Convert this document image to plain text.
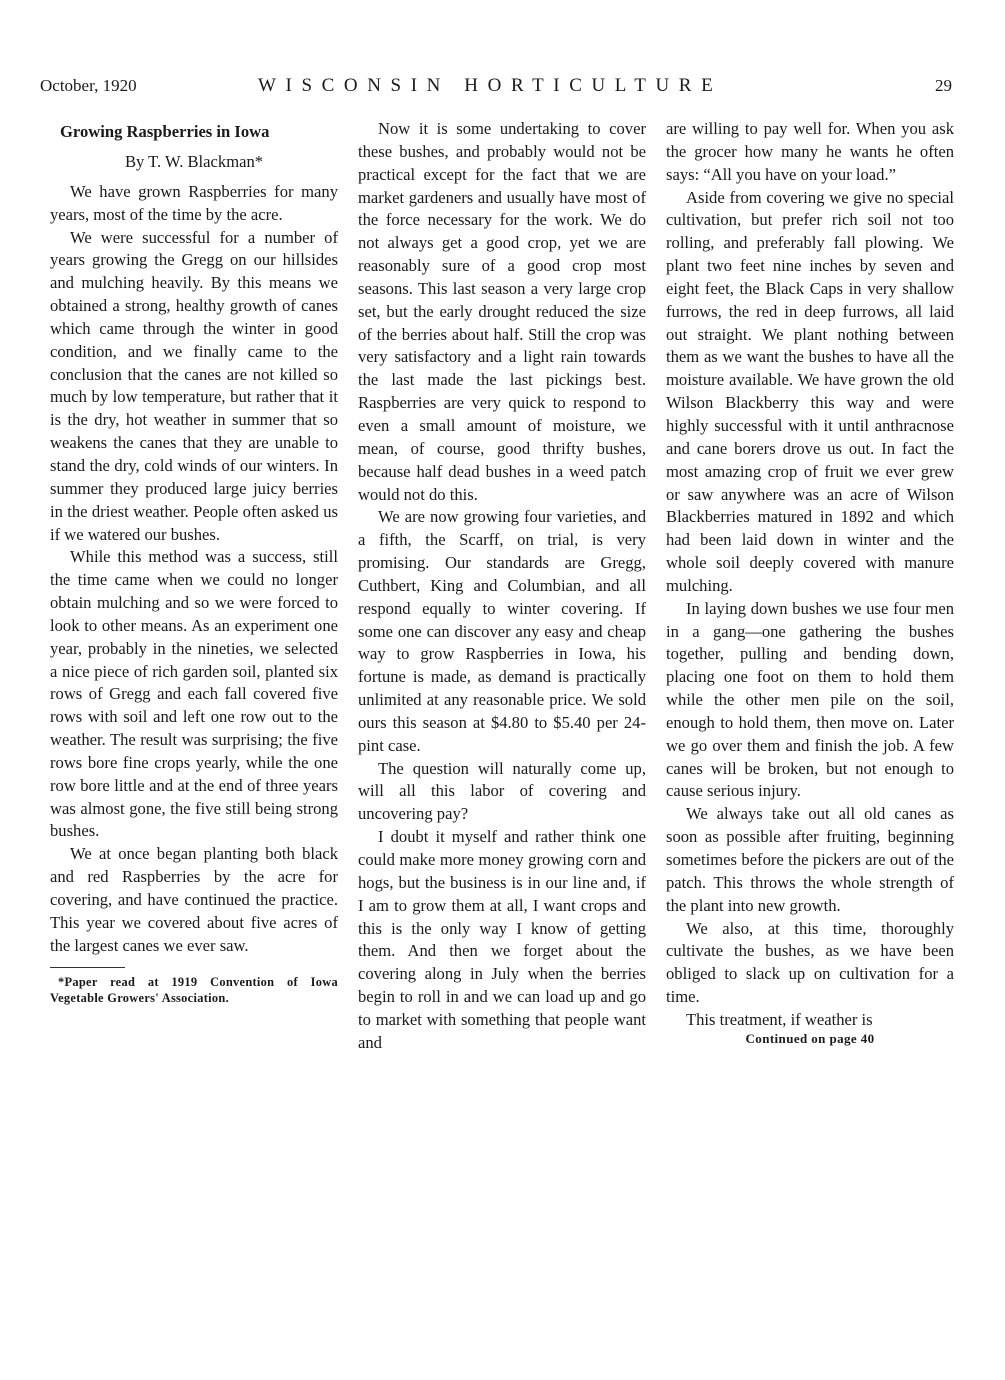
October, 1920	WISCONSIN HORTICULTURE	29

Growing Raspberries in Iowa

By T. W. Blackman*

We have grown Raspberries for many years, most of the time by the acre.

We were successful for a number of years growing the Gregg on our hillsides and mulching heavily. By this means we obtained a strong, healthy growth of canes which came through the winter in good condition, and we finally came to the conclusion that the canes are not killed so much by low temperature, but rather that it is the dry, hot weather in summer that so weakens the canes that they are unable to stand the dry, cold winds of our winters. In summer they produced large juicy berries in the driest weather. People often asked us if we watered our bushes.

While this method was a success, still the time came when we could no longer obtain mulching and so we were forced to look to other means. As an experiment one year, probably in the nineties, we selected a nice piece of rich garden soil, planted six rows of Gregg and each fall covered five rows with soil and left one row out to the weather. The result was surprising; the five rows bore fine crops yearly, while the one row bore little and at the end of three years was almost gone, the five still being strong bushes.

We at once began planting both black and red Raspberries by the acre for covering, and have continued the practice. This year we covered about five acres of the largest canes we ever saw.

*Paper read at 1919 Convention of Iowa Vegetable Growers' Association.

Now it is some undertaking to cover these bushes, and probably would not be practical except for the fact that we are market gardeners and usually have most of the force necessary for the work. We do not always get a good crop, yet we are reasonably sure of a good crop most seasons. This last season a very large crop set, but the early drought reduced the size of the berries about half. Still the crop was very satisfactory and a light rain towards the last made the last pickings best. Raspberries are very quick to respond to even a small amount of moisture, we mean, of course, good thrifty bushes, because half dead bushes in a weed patch would not do this.

We are now growing four varieties, and a fifth, the Scarff, on trial, is very promising. Our standards are Gregg, Cuthbert, King and Columbian, and all respond equally to winter covering. If some one can discover any easy and cheap way to grow Raspberries in Iowa, his fortune is made, as demand is practically unlimited at any reasonable price. We sold ours this season at $4.80 to $5.40 per 24-pint case.

The question will naturally come up, will all this labor of covering and uncovering pay?

I doubt it myself and rather think one could make more money growing corn and hogs, but the business is in our line and, if I am to grow them at all, I want crops and this is the only way I know of getting them. And then we forget about the covering along in July when the berries begin to roll in and we can load up and go to market with something that people want and

are willing to pay well for. When you ask the grocer how many he wants he often says: “All you have on your load.”

Aside from covering we give no special cultivation, but prefer rich soil not too rolling, and preferably fall plowing. We plant two feet nine inches by seven and eight feet, the Black Caps in very shallow furrows, the red in deep furrows, all laid out straight. We plant nothing between them as we want the bushes to have all the moisture available. We have grown the old Wilson Blackberry this way and were highly successful with it until anthracnose and cane borers drove us out. In fact the most amazing crop of fruit we ever grew or saw anywhere was an acre of Wilson Blackberries matured in 1892 and which had been laid down in winter and the whole soil deeply covered with manure mulching.

In laying down bushes we use four men in a gang—one gathering the bushes together, pulling and bending down, placing one foot on them to hold them while the other men pile on the soil, enough to hold them, then move on. Later we go over them and finish the job. A few canes will be broken, but not enough to cause serious injury.

We always take out all old canes as soon as possible after fruiting, beginning sometimes before the pickers are out of the patch. This throws the whole strength of the plant into new growth.

We also, at this time, thoroughly cultivate the bushes, as we have been obliged to slack up on cultivation for a time.

This treatment, if weather is

Continued on page 40
